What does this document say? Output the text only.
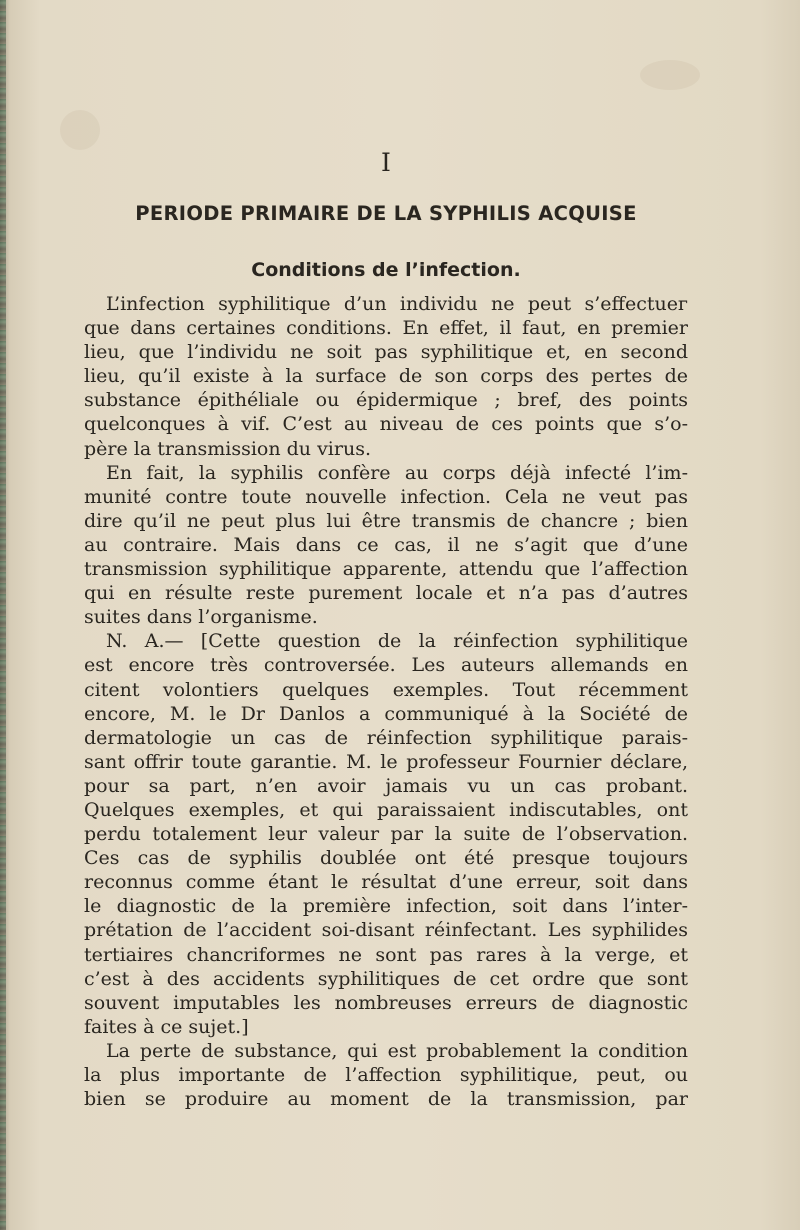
I
PERIODE PRIMAIRE DE LA SYPHILIS ACQUISE
Conditions de l’infection.
L’infection syphilitique d’un individu ne peut s’effectueг
que dans certaines conditions. En effet, il faut, en premier
lieu, que l’individu ne soit pas syphilitique et, en second
lieu, qu’il existe à la surface de son corps des pertes de
substance épithéliale ou épidermique ; bref, des points
quelconques à vif. C’est au niveau de ces points que s’o-
père la transmission du virus.
En fait, la syphilis confère au corps déjà infecté l’im-
munité contre toute nouvelle infection. Cela ne veut pas
dire qu’il ne peut plus lui être transmis de chancre ; bien
au contraire. Mais dans ce cas, il ne s’agit que d’une
transmission syphilitique apparente, attendu que l’affection
qui en résulte reste purement locale et n’a pas d’autres
suites dans l’organisme.
N. A.— [Cette question de la réinfection syphilitique
est encore très controversée. Les auteurs allemands en
citent volontiers quelques exemples. Tout récemment
encore, M. le Dr Danlos a communiqué à la Société de
dermatologie un cas de réinfection syphilitique parais-
sant offrir toute garantie. M. le professeur Fournier déclare,
pour sa part, n’en avoir jamais vu un cas probant.
Quelques exemples, et qui paraissaient indiscutables, ont
perdu totalement leur valeur par la suite de l’observation.
Ces cas de syphilis doublée ont été presque toujours
reconnus comme étant le résultat d’une erreur, soit dans
le diagnostic de la première infection, soit dans l’inter-
prétation de l’accident soi-disant réinfectant. Les syphilides
tertiaires chancriformes ne sont pas rares à la verge, et
c’est à des accidents syphilitiques de cet ordre que sont
souvent imputables les nombreuses erreurs de diagnostic
faites à ce sujet.]
La perte de substance, qui est probablement la condition
la plus importante de l’affection syphilitique, peut, ou
bien se produire au moment de la transmission, par
